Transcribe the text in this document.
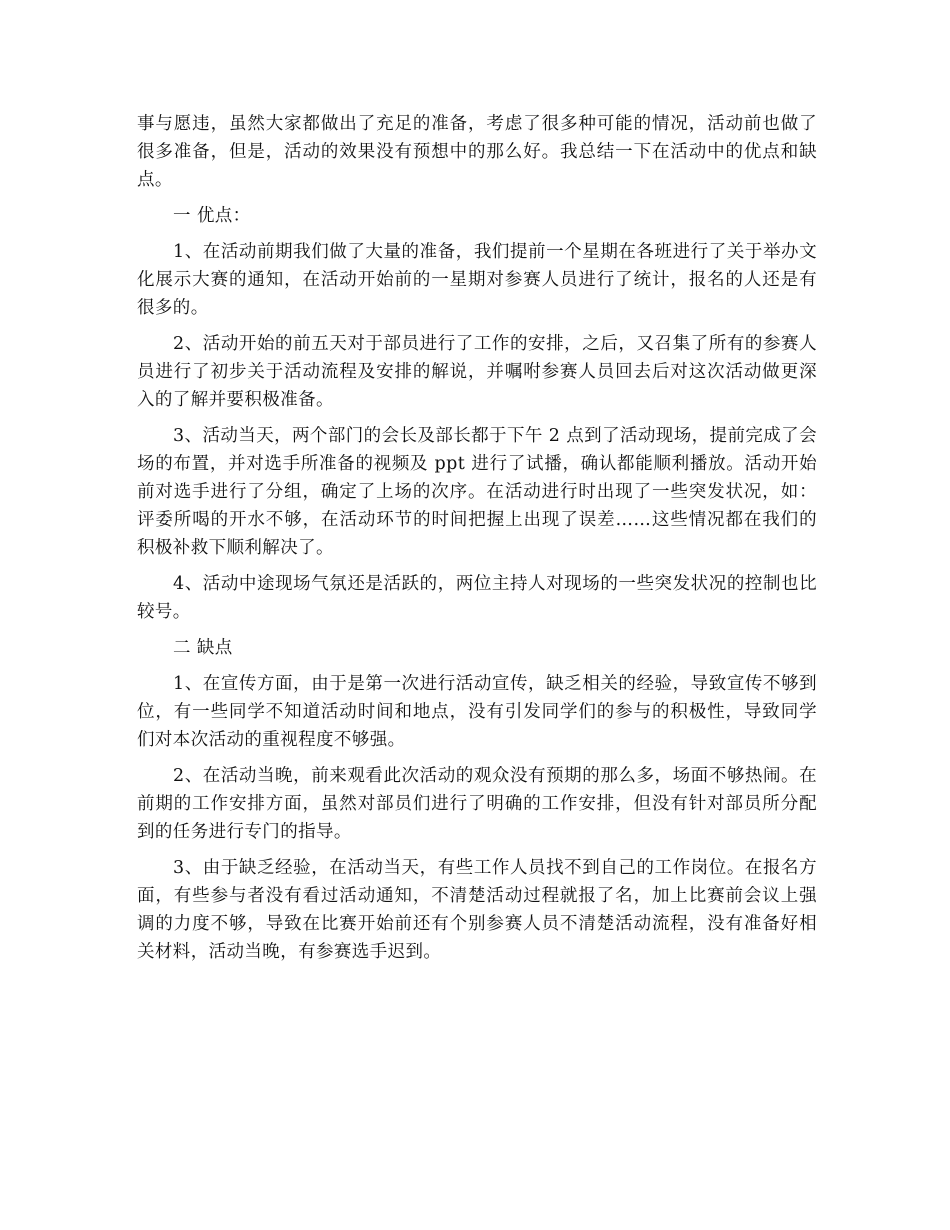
事与愿违，虽然大家都做出了充足的准备，考虑了很多种可能的情况，活动前也做了很多准备，但是，活动的效果没有预想中的那么好。我总结一下在活动中的优点和缺点。

一 优点：

1、在活动前期我们做了大量的准备，我们提前一个星期在各班进行了关于举办文化展示大赛的通知，在活动开始前的一星期对参赛人员进行了统计，报名的人还是有很多的。

2、活动开始的前五天对于部员进行了工作的安排，之后，又召集了所有的参赛人员进行了初步关于活动流程及安排的解说，并嘱咐参赛人员回去后对这次活动做更深入的了解并要积极准备。

3、活动当天，两个部门的会长及部长都于下午 2 点到了活动现场，提前完成了会场的布置，并对选手所准备的视频及 ppt 进行了试播，确认都能顺利播放。活动开始前对选手进行了分组，确定了上场的次序。在活动进行时出现了一些突发状况，如：评委所喝的开水不够，在活动环节的时间把握上出现了误差……这些情况都在我们的积极补救下顺利解决了。

4、活动中途现场气氛还是活跃的，两位主持人对现场的一些突发状况的控制也比较号。

二 缺点

1、在宣传方面，由于是第一次进行活动宣传，缺乏相关的经验，导致宣传不够到位，有一些同学不知道活动时间和地点，没有引发同学们的参与的积极性，导致同学们对本次活动的重视程度不够强。

2、在活动当晚，前来观看此次活动的观众没有预期的那么多，场面不够热闹。在前期的工作安排方面，虽然对部员们进行了明确的工作安排，但没有针对部员所分配到的任务进行专门的指导。

3、由于缺乏经验，在活动当天，有些工作人员找不到自己的工作岗位。在报名方面，有些参与者没有看过活动通知，不清楚活动过程就报了名，加上比赛前会议上强调的力度不够，导致在比赛开始前还有个别参赛人员不清楚活动流程，没有准备好相关材料，活动当晚，有参赛选手迟到。
